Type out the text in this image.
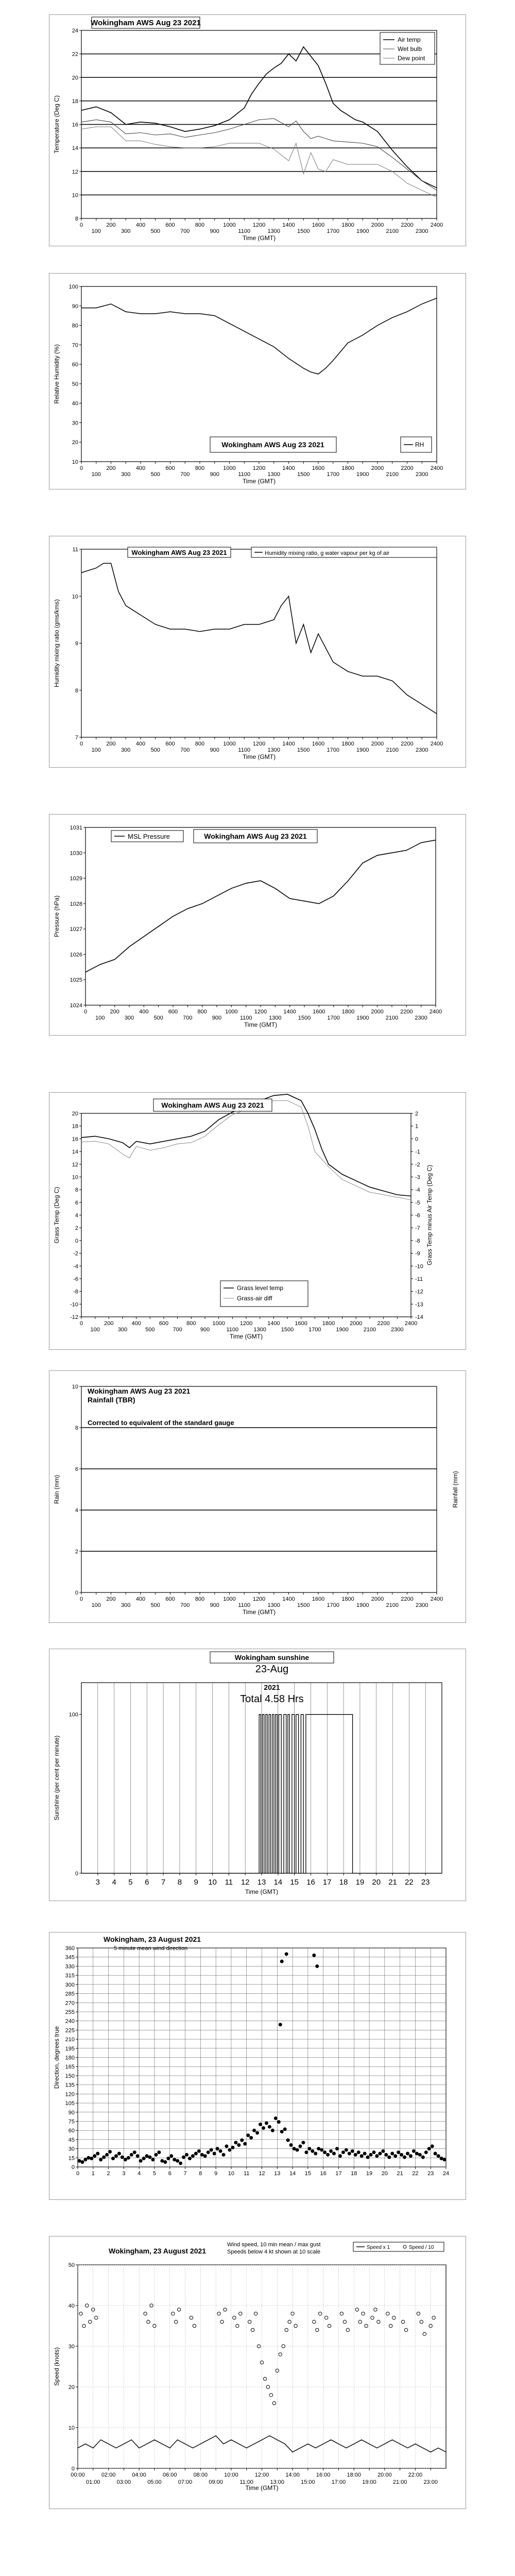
8
10
12
14
16
18
20
22
24
0
100
200
300
400
500
600
700
800
900
1000
1100
1200
1300
1400
1500
1600
1700
1800
1900
2000
2100
2200
2300
2400
Time (GMT)
Temperature (Deg C)
Wokingham AWS Aug 23 2021
Air temp
Wet bulb
Dew point
10
20
30
40
50
60
70
80
90
100
0
100
200
300
400
500
600
700
800
900
1000
1100
1200
1300
1400
1500
1600
1700
1800
1900
2000
2100
2200
2300
2400
Time (GMT)
Relative Humidity (%)
Wokingham AWS Aug 23 2021	RH
7
8
9
10
11
0
100
200
300
400
500
600
700
800
900
1000
1100
1200
1300
1400
1500
1600
1700
1800
1900
2000
2100
2200
2300
2400
Time (GMT)
Humidity mixing ratio (gms/kms)
Wokingham AWS Aug 23 2021	Humidity mixing ratio, g water vapour per kg of air
1024
1025
1026
1027
1028
1029
1030
1031
0
100
200
300
400
500
600
700
800
900
1000
1100
1200
1300
1400
1500
1600
1700
1800
1900
2000
2100
2200
2300
2400
Time (GMT)
Pressure (hPa)
MSL Pressure	Wokingham AWS Aug 23 2021
-12
-10
-8
-6
-4
-2
0
2
4
6
8
10
12
14
16
18
20
-14
-13
-12
-11
-10
-9
-8
-7
-6
-5
-4
-3
-2
-1
0
1
2
0
100
200
300
400
500
600
700
800
900
1000
1100
1200
1300
1400
1500
1600
1700
1800
1900
2000
2100
2200
2300
2400
Time (GMT)
Grass Temp (Deg C)	Grass Temp minus Air Temp (Deg C)
Wokingham AWS Aug 23 2021
Grass level temp
Grass-air diff
0
2
4
6
8
10
0
100
200
300
400
500
600
700
800
900
1000
1100
1200
1300
1400
1500
1600
1700
1800
1900
2000
2100
2200
2300
2400
Time (GMT)
Rain (mm)	Rainfall (mm)
Wokingham AWS Aug 23 2021
Rainfall (TBR)
Corrected to equivalent of the standard gauge
0
100
3 4 5 6 7 8 9 10 11 12 13 14 15 16 17 18 19 20 21 22 23
Time (GMT)
Sunshine (per cent per minute)
Wokingham sunshine
23-Aug
2021
Total 4.58 Hrs
0
15
30
45
60
75
90
105
120
135
150
165
180
195
210
225
240
255
270
285
300
315
330
345
360
0 1 2 3 4 5 6 7 8 9 10 11 12 13 14 15 16 17 18 19 20 21 22 23 24
Direction, degrees true
Wokingham, 23 August 2021
5 minute mean wind direction
0
10
20
30
40
50
00:00
01:00
02:00
03:00
04:00
05:00
06:00
07:00
08:00
09:00
10:00
11:00
12:00
13:00
14:00
15:00
16:00
17:00
18:00
19:00
20:00
21:00
22:00
23:00
Time (GMT)
Speed (knots)
Wokingham, 23 August 2021
Wind speed, 10 min mean / max gust
Speeds below 4 kt shown at 10 scale
Speed x 1	Speed / 10
